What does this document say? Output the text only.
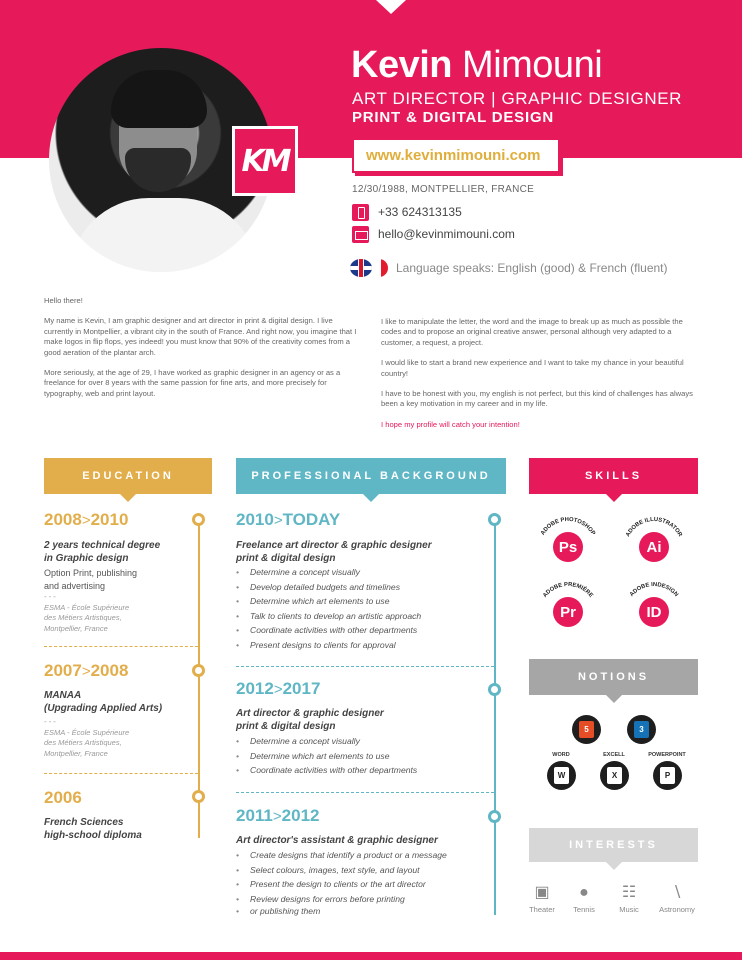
KM
Kevin Mimouni
ART DIRECTOR | GRAPHIC DESIGNER
PRINT & DIGITAL DESIGN
www.kevinmimouni.com
12/30/1988, MONTPELLIER, FRANCE
+33 624313135
hello@kevinmimouni.com
Language speaks: English (good) & French (fluent)

Hello there!

My name is Kevin, I am graphic designer and art director in print & digital design. I live currently in Montpellier, a vibrant city in the south of France. And right now, you imagine that I make logos in flip flops, yes indeed! you must know that 90% of the creativity comes from a good aeration of the plantar arch.

More seriously, at the age of 29, I have worked as graphic designer in an agency or as a freelance for over 8 years with the same passion for fine arts, and more precisely for typography, web and print layout.

I like to manipulate the letter, the word and the image to break up as much as possible the codes and to propose an original creative answer, personal although very adapted to a customer, a request, a project.

I would like to start a brand new experience and I want to take my chance in your beautiful country!

I have to be honest with you, my english is not perfect, but this kind of challenges has always been a key motivation in my career and in my life.

I hope my profile will catch your intention!

EDUCATION
2008>2010
2 years technical degree
in Graphic design
Option Print, publishing
and advertising
- - -
ESMA - École Supérieure
des Métiers Artistiques,
Montpellier, France
2007>2008
MANAA
(Upgrading Applied Arts)
- - -
ESMA - École Supérieure
des Métiers Artistiques,
Montpellier, France
2006
French Sciences
high-school diploma
PROFESSIONAL BACKGROUND
2010>TODAY
Freelance art director & graphic designer
print & digital design
• Determine a concept visually
• Develop detailed budgets and timelines
• Determine which art elements to use
• Talk to clients to develop an artistic approach
• Coordinate activities with other departments
• Present designs to clients for approval
2012>2017
Art director & graphic designer
print & digital design
• Determine a concept visually
• Determine which art elements to use
• Coordinate activities with other departments
2011>2012
Art director's assistant & graphic designer
• Create designs that identify a product or a message
• Select colours, images, text style, and layout
• Present the design to clients or the art director
• Review designs for errors before printing
• or publishing them
SKILLS
ADOBE PHOTOSHOP
Ps
ADOBE ILLUSTRATOR
Ai
ADOBE PREMIÈRE
Pr
ADOBE INDESIGN
ID
NOTIONS
5	3
WORD
W
EXCELL
X
POWERPOINT
P
INTERESTS
▣
Theater
●
Tennis
☷
Music
∖
Astronomy
